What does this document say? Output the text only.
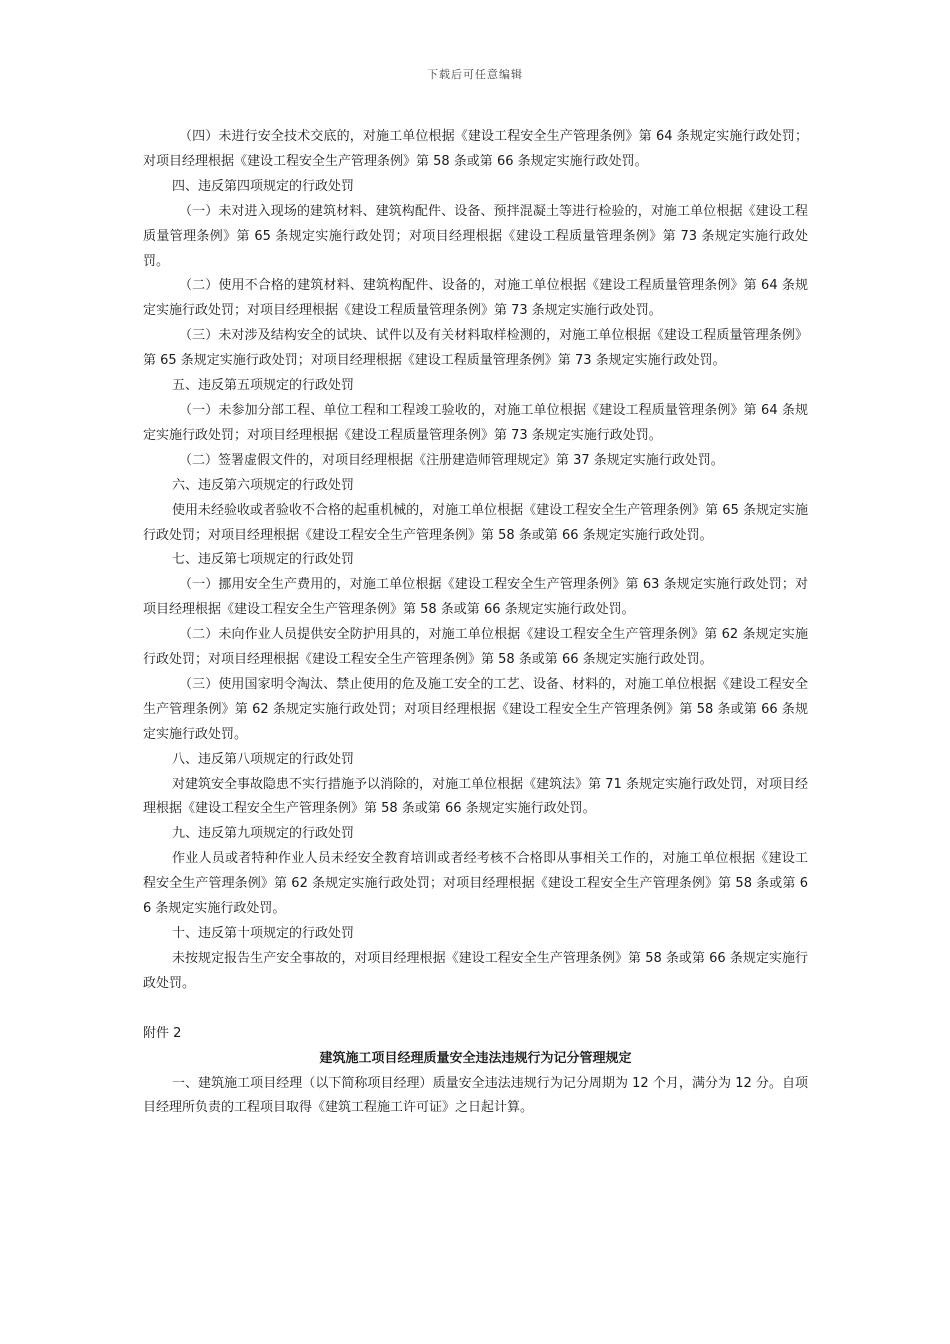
下载后可任意编辑

（四）未进行安全技术交底的，对施工单位根据《建设工程安全生产管理条例》第 64 条规定实施行政处罚；对项目经理根据《建设工程安全生产管理条例》第 58 条或第 66 条规定实施行政处罚。

四、违反第四项规定的行政处罚

（一）未对进入现场的建筑材料、建筑构配件、设备、预拌混凝土等进行检验的，对施工单位根据《建设工程质量管理条例》第 65 条规定实施行政处罚；对项目经理根据《建设工程质量管理条例》第 73 条规定实施行政处罚。

（二）使用不合格的建筑材料、建筑构配件、设备的，对施工单位根据《建设工程质量管理条例》第 64 条规定实施行政处罚；对项目经理根据《建设工程质量管理条例》第 73 条规定实施行政处罚。

（三）未对涉及结构安全的试块、试件以及有关材料取样检测的，对施工单位根据《建设工程质量管理条例》第 65 条规定实施行政处罚；对项目经理根据《建设工程质量管理条例》第 73 条规定实施行政处罚。

五、违反第五项规定的行政处罚

（一）未参加分部工程、单位工程和工程竣工验收的，对施工单位根据《建设工程质量管理条例》第 64 条规定实施行政处罚；对项目经理根据《建设工程质量管理条例》第 73 条规定实施行政处罚。

（二）签署虚假文件的，对项目经理根据《注册建造师管理规定》第 37 条规定实施行政处罚。

六、违反第六项规定的行政处罚

使用未经验收或者验收不合格的起重机械的，对施工单位根据《建设工程安全生产管理条例》第 65 条规定实施行政处罚；对项目经理根据《建设工程安全生产管理条例》第 58 条或第 66 条规定实施行政处罚。

七、违反第七项规定的行政处罚

（一）挪用安全生产费用的，对施工单位根据《建设工程安全生产管理条例》第 63 条规定实施行政处罚；对项目经理根据《建设工程安全生产管理条例》第 58 条或第 66 条规定实施行政处罚。

（二）未向作业人员提供安全防护用具的，对施工单位根据《建设工程安全生产管理条例》第 62 条规定实施行政处罚；对项目经理根据《建设工程安全生产管理条例》第 58 条或第 66 条规定实施行政处罚。

（三）使用国家明令淘汰、禁止使用的危及施工安全的工艺、设备、材料的，对施工单位根据《建设工程安全生产管理条例》第 62 条规定实施行政处罚；对项目经理根据《建设工程安全生产管理条例》第 58 条或第 66 条规定实施行政处罚。

八、违反第八项规定的行政处罚

对建筑安全事故隐患不实行措施予以消除的，对施工单位根据《建筑法》第 71 条规定实施行政处罚，对项目经理根据《建设工程安全生产管理条例》第 58 条或第 66 条规定实施行政处罚。

九、违反第九项规定的行政处罚

作业人员或者特种作业人员未经安全教育培训或者经考核不合格即从事相关工作的，对施工单位根据《建设工程安全生产管理条例》第 62 条规定实施行政处罚；对项目经理根据《建设工程安全生产管理条例》第 58 条或第 66 条规定实施行政处罚。

十、违反第十项规定的行政处罚

未按规定报告生产安全事故的，对项目经理根据《建设工程安全生产管理条例》第 58 条或第 66 条规定实施行政处罚。

附件 2

建筑施工项目经理质量安全违法违规行为记分管理规定

一、建筑施工项目经理（以下简称项目经理）质量安全违法违规行为记分周期为 12 个月，满分为 12 分。自项目经理所负责的工程项目取得《建筑工程施工许可证》之日起计算。
